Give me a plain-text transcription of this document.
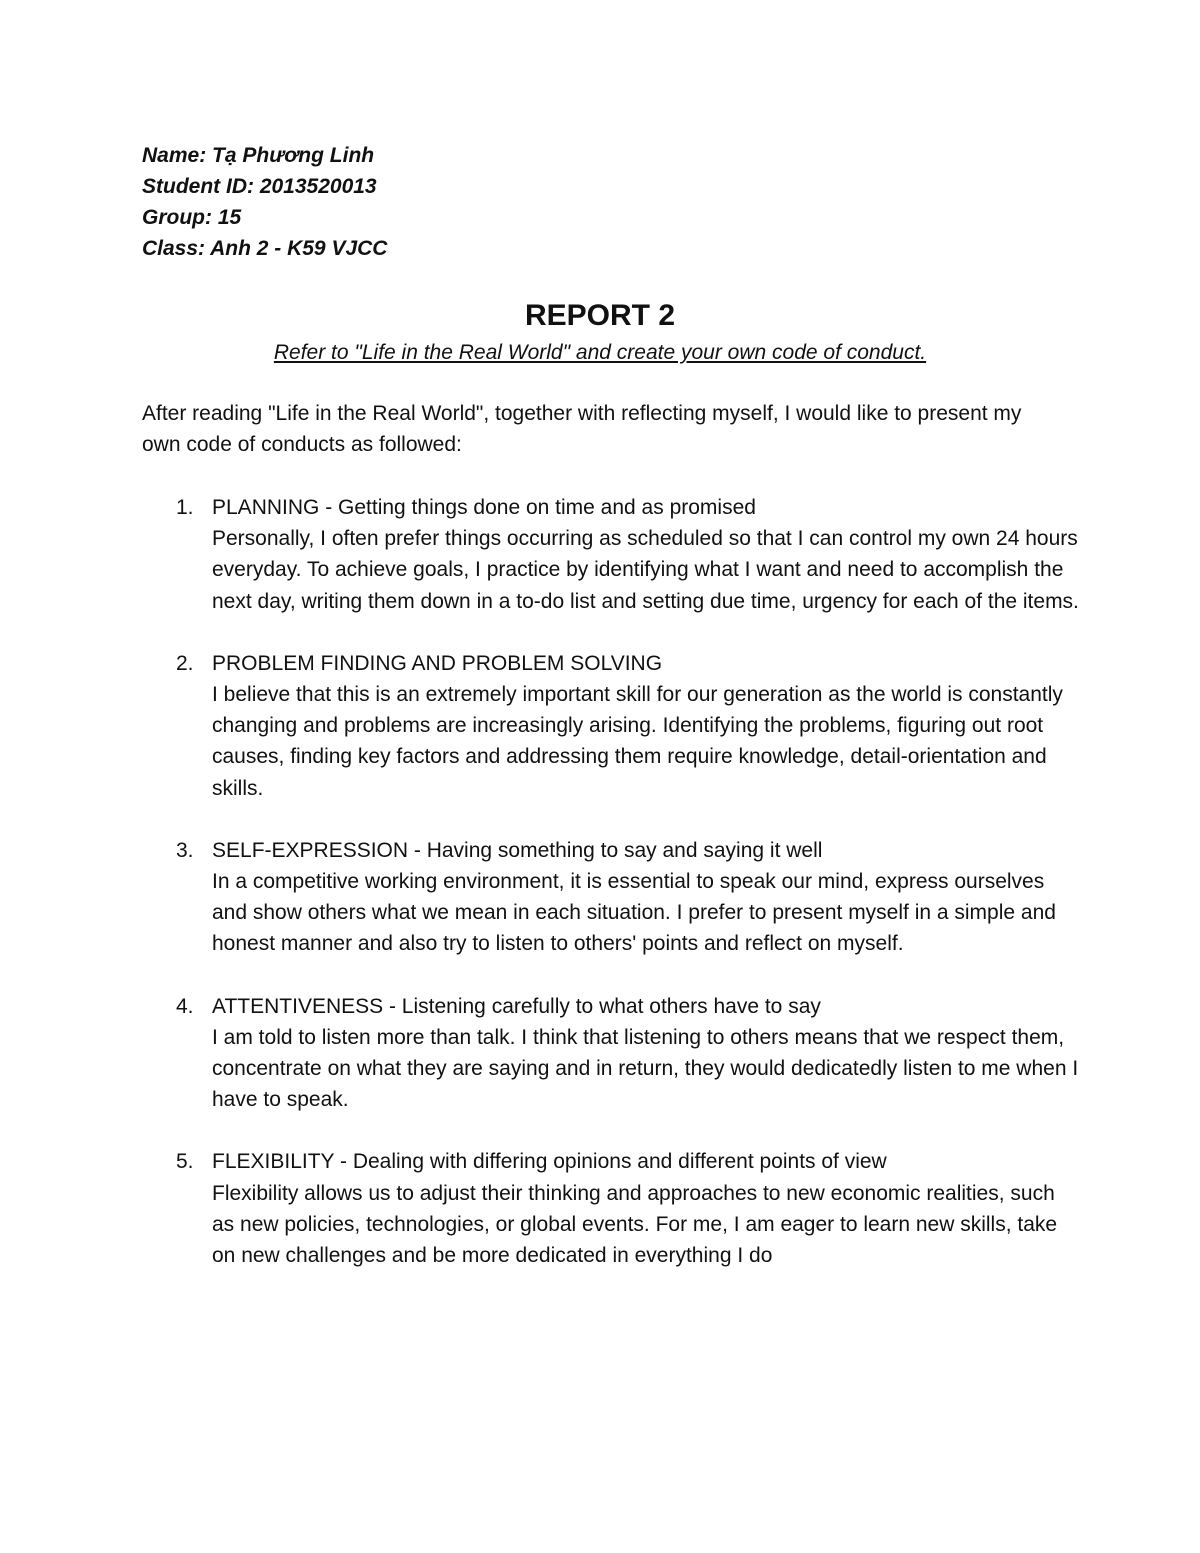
Name: Tạ Phương Linh
Student ID: 2013520013
Group: 15
Class: Anh 2 - K59 VJCC
REPORT 2
Refer to "Life in the Real World" and create your own code of conduct.

After reading "Life in the Real World", together with reflecting myself, I would like to present my own code of conducts as followed:

1. PLANNING - Getting things done on time and as promised

Personally, I often prefer things occurring as scheduled so that I can control my own 24 hours everyday. To achieve goals, I practice by identifying what I want and need to accomplish the next day, writing them down in a to-do list and setting due time, urgency for each of the items.

2. PROBLEM FINDING AND PROBLEM SOLVING

I believe that this is an extremely important skill for our generation as the world is constantly changing and problems are increasingly arising. Identifying the problems, figuring out root causes, finding key factors and addressing them require knowledge, detail-orientation and skills.

3. SELF-EXPRESSION - Having something to say and saying it well

In a competitive working environment, it is essential to speak our mind, express ourselves and show others what we mean in each situation. I prefer to present myself in a simple and honest manner and also try to listen to others' points and reflect on myself.

4. ATTENTIVENESS - Listening carefully to what others have to say

I am told to listen more than talk. I think that listening to others means that we respect them, concentrate on what they are saying and in return, they would dedicatedly listen to me when I have to speak.

5. FLEXIBILITY - Dealing with differing opinions and different points of view

Flexibility allows us to adjust their thinking and approaches to new economic realities, such as new policies, technologies, or global events. For me, I am eager to learn new skills, take on new challenges and be more dedicated in everything I do
